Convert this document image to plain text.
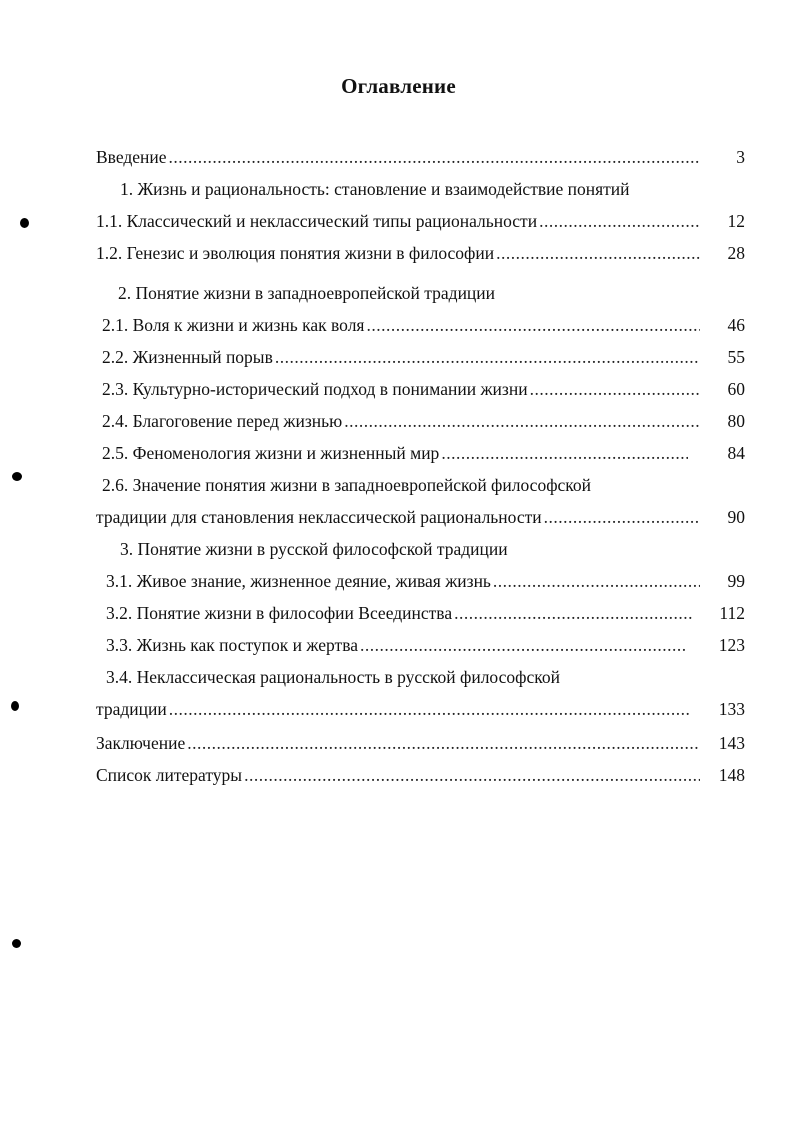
Оглавление
Введение .....	3
1. Жизнь и рациональность: становление и взаимодействие понятий
1.1. Классический и неклассический типы рациональности .....	12
1.2. Генезис и эволюция понятия жизни в философии .....	28
2. Понятие жизни в западноевропейской традиции
2.1. Воля к жизни и жизнь как воля .....	46
2.2. Жизненный порыв .....	55
2.3. Культурно-исторический подход в понимании жизни .....	60
2.4. Благоговение перед жизнью .....	80
2.5. Феноменология жизни и жизненный мир .....	84
2.6. Значение понятия жизни в западноевропейской философской
традиции для становления неклассической рациональности .....	90
3. Понятие жизни в русской философской традиции
3.1. Живое знание, жизненное деяние, живая жизнь .....	99
3.2. Понятие жизни в философии Всеединства .....	112
3.3. Жизнь как поступок и жертва .....	123
3.4. Неклассическая рациональность в русской философской
традиции .....	133
Заключение .....	143
Список литературы .....	148
